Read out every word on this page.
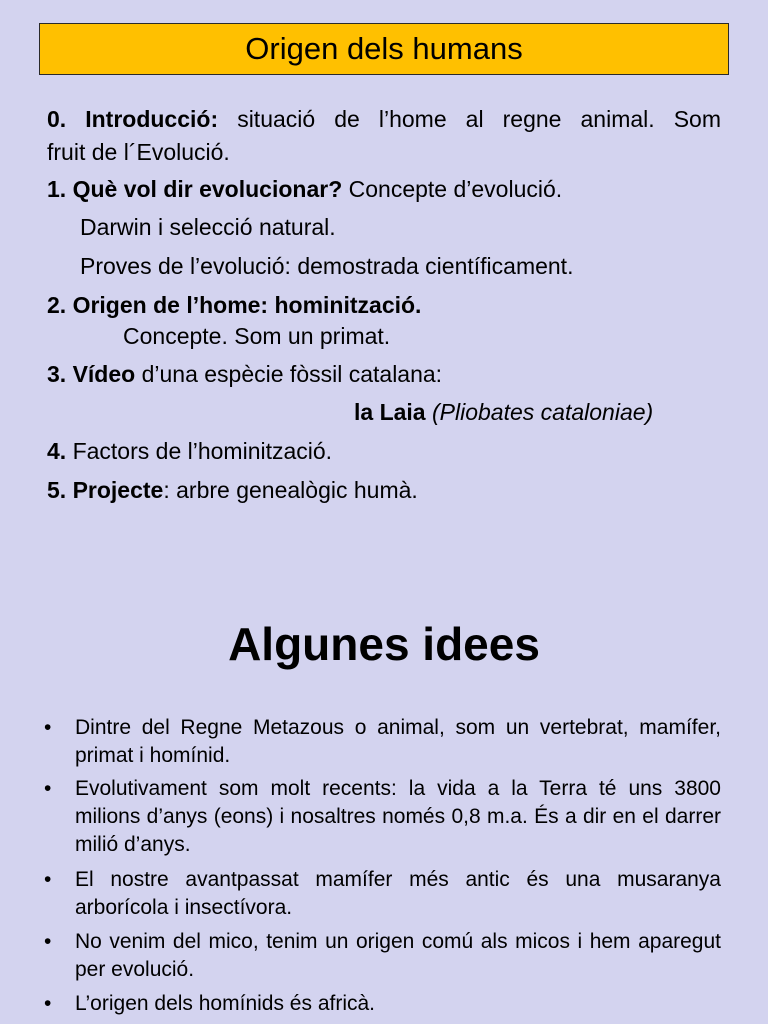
Origen dels humans
0. Introducció: situació de l’home al regne animal. Som
fruit de l´Evolució.
1. Què vol dir evolucionar? Concepte d’evolució.
Darwin i selecció natural.
Proves de l’evolució: demostrada científicament.
2. Origen de l’home: hominització.
Concepte. Som un primat.
3. Vídeo d’una espècie fòssil catalana:
la Laia (Pliobates cataloniae)
4. Factors de l’hominització.
5. Projecte: arbre genealògic humà.
Algunes idees
• Dintre del Regne Metazous o animal, som un vertebrat, mamífer, primat i homínid.
• Evolutivament som molt recents: la vida a la Terra té uns 3800 milions d’anys (eons) i nosaltres només 0,8 m.a. És a dir en el darrer milió d’anys.
• El nostre avantpassat mamífer més antic és una musaranya arborícola i insectívora.
• No venim del mico, tenim un origen comú als micos i hem aparegut per evolució.
• L’origen dels homínids és africà.
